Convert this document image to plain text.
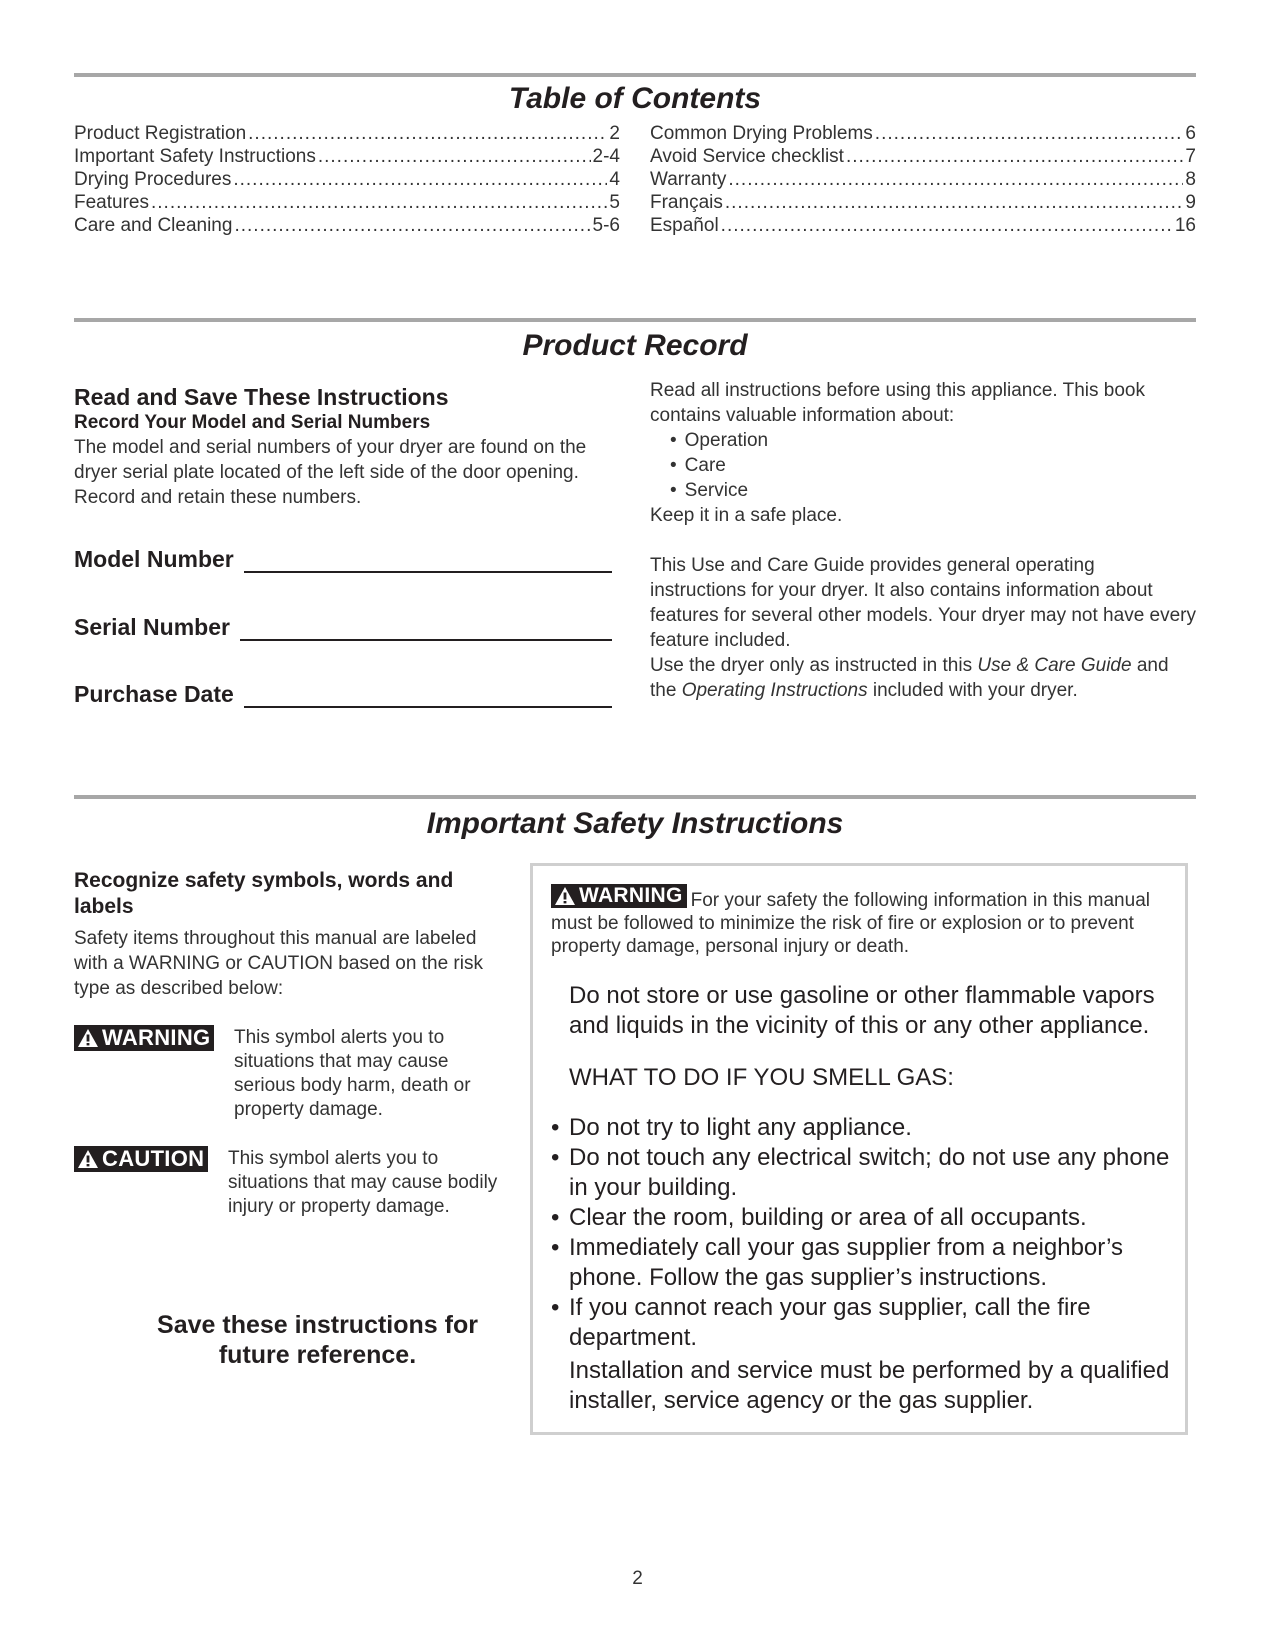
Table of Contents
Product Registration .....	2
Important Safety Instructions .....	2-4
Drying Procedures .....	4
Features .....	5
Care and Cleaning .....	5-6
Common Drying Problems .....	6
Avoid Service checklist .....	7
Warranty .....	8
Français .....	9
Español .....	16
Product Record
Read and Save These Instructions
Record Your Model and Serial Numbers
The model and serial numbers of your dryer are found on the dryer serial plate located of the left side of the door opening. Record and retain these numbers.
Model Number
Serial Number
Purchase Date
Read all instructions before using this appliance. This book contains valuable information about:
• Operation
• Care
• Service
Keep it in a safe place.
This Use and Care Guide provides general operating instructions for your dryer. It also contains information about features for several other models. Your dryer may not have every feature included.
Use the dryer only as instructed in this Use & Care Guide and the Operating Instructions included with your dryer.
Important Safety Instructions
Recognize safety symbols, words and labels
Safety items throughout this manual are labeled with a WARNING or CAUTION based on the risk type as described below:
WARNING This symbol alerts you to situations that may cause serious body harm, death or property damage.
CAUTION This symbol alerts you to situations that may cause bodily injury or property damage.
Save these instructions for future reference.
WARNING For your safety the following information in this manual must be followed to minimize the risk of fire or explosion or to prevent property damage, personal injury or death.
Do not store or use gasoline or other flammable vapors and liquids in the vicinity of this or any other appliance.
WHAT TO DO IF YOU SMELL GAS:
• Do not try to light any appliance.
• Do not touch any electrical switch; do not use any phone in your building.
• Clear the room, building or area of all occupants.
• Immediately call your gas supplier from a neighbor’s phone. Follow the gas supplier’s instructions.
• If you cannot reach your gas supplier, call the fire department.
Installation and service must be performed by a qualified installer, service agency or the gas supplier.
2
